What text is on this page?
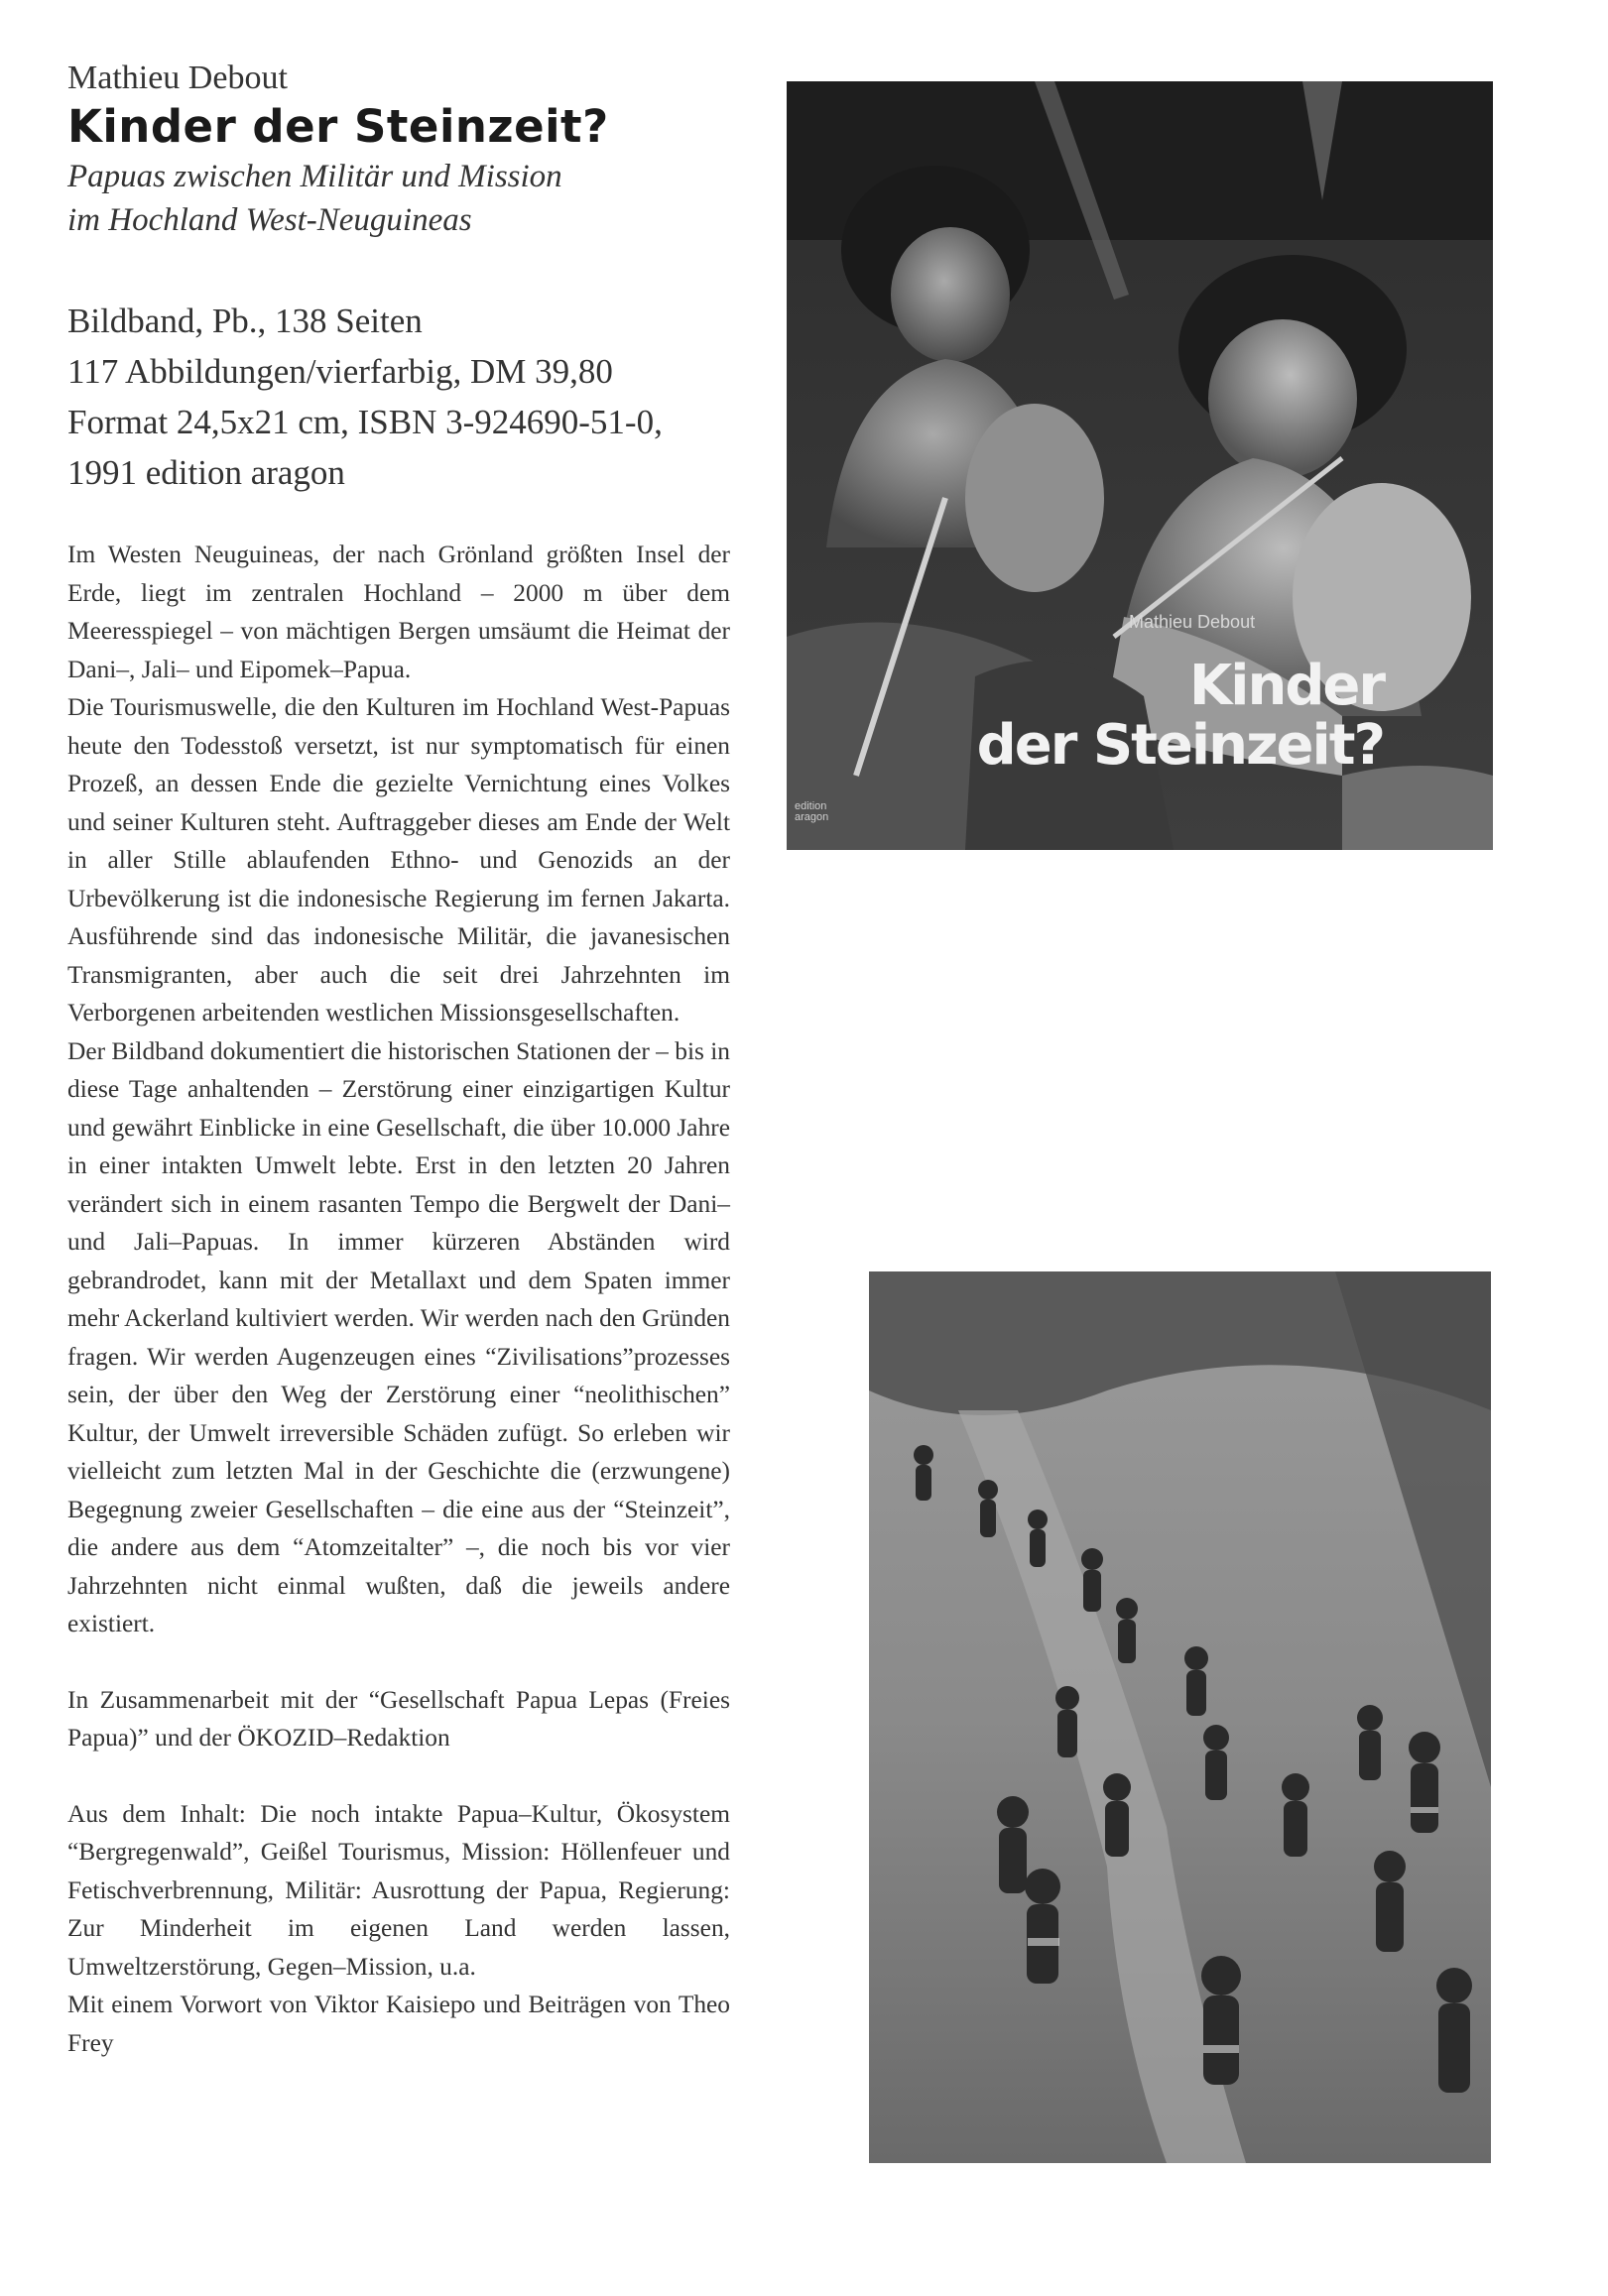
Mathieu Debout

Kinder der Steinzeit?

Papuas zwischen Militär und Mission

im Hochland West-Neuguineas

Bildband, Pb., 138 Seiten
117 Abbildungen/vierfarbig, DM 39,80
Format 24,5x21 cm, ISBN 3-924690-51-0,
1991 edition aragon

Im Westen Neuguineas, der nach Grönland größten Insel der Erde, liegt im zentralen Hochland – 2000 m über dem Meeresspiegel – von mächtigen Bergen umsäumt die Heimat der Dani–, Jali– und Eipomek–Papua.

Die Tourismuswelle, die den Kulturen im Hochland West-Papuas heute den Todesstoß versetzt, ist nur symptomatisch für einen Prozeß, an dessen Ende die gezielte Vernichtung eines Volkes und seiner Kulturen steht. Auftraggeber dieses am Ende der Welt in aller Stille ablaufenden Ethno- und Genozids an der Urbevölkerung ist die indonesische Regierung im fernen Jakarta. Ausführende sind das indonesische Militär, die javanesischen Transmigranten, aber auch die seit drei Jahrzehnten im Verborgenen arbeitenden westlichen Missionsgesellschaften.

Der Bildband dokumentiert die historischen Stationen der – bis in diese Tage anhaltenden – Zerstörung einer einzigartigen Kultur und gewährt Einblicke in eine Gesellschaft, die über 10.000 Jahre in einer intakten Umwelt lebte. Erst in den letzten 20 Jahren verändert sich in einem rasanten Tempo die Bergwelt der Dani– und Jali–Papuas. In immer kürzeren Abständen wird gebrandrodet, kann mit der Metallaxt und dem Spaten immer mehr Ackerland kultiviert werden. Wir werden nach den Gründen fragen. Wir werden Augenzeugen eines “Zivilisations”prozesses sein, der über den Weg der Zerstörung einer “neolithischen” Kultur, der Umwelt irreversible Schäden zufügt. So erleben wir vielleicht zum letzten Mal in der Geschichte die (erzwungene) Begegnung zweier Gesellschaften – die eine aus der “Steinzeit”, die andere aus dem “Atomzeitalter” –, die noch bis vor vier Jahrzehnten nicht einmal wußten, daß die jeweils andere existiert.

In Zusammenarbeit mit der “Gesellschaft Papua Lepas (Freies Papua)” und der ÖKOZID–Redaktion

Aus dem Inhalt: Die noch intakte Papua–Kultur, Ökosystem “Bergregenwald”, Geißel Tourismus, Mission: Höllenfeuer und Fetischverbrennung, Militär: Ausrottung der Papua, Regierung: Zur Minderheit im eigenen Land werden lassen, Umweltzerstörung, Gegen–Mission, u.a.

Mit einem Vorwort von Viktor Kaisiepo und Beiträgen von Theo Frey

Mathieu Debout
Kinder
der Steinzeit?
edition
aragon
